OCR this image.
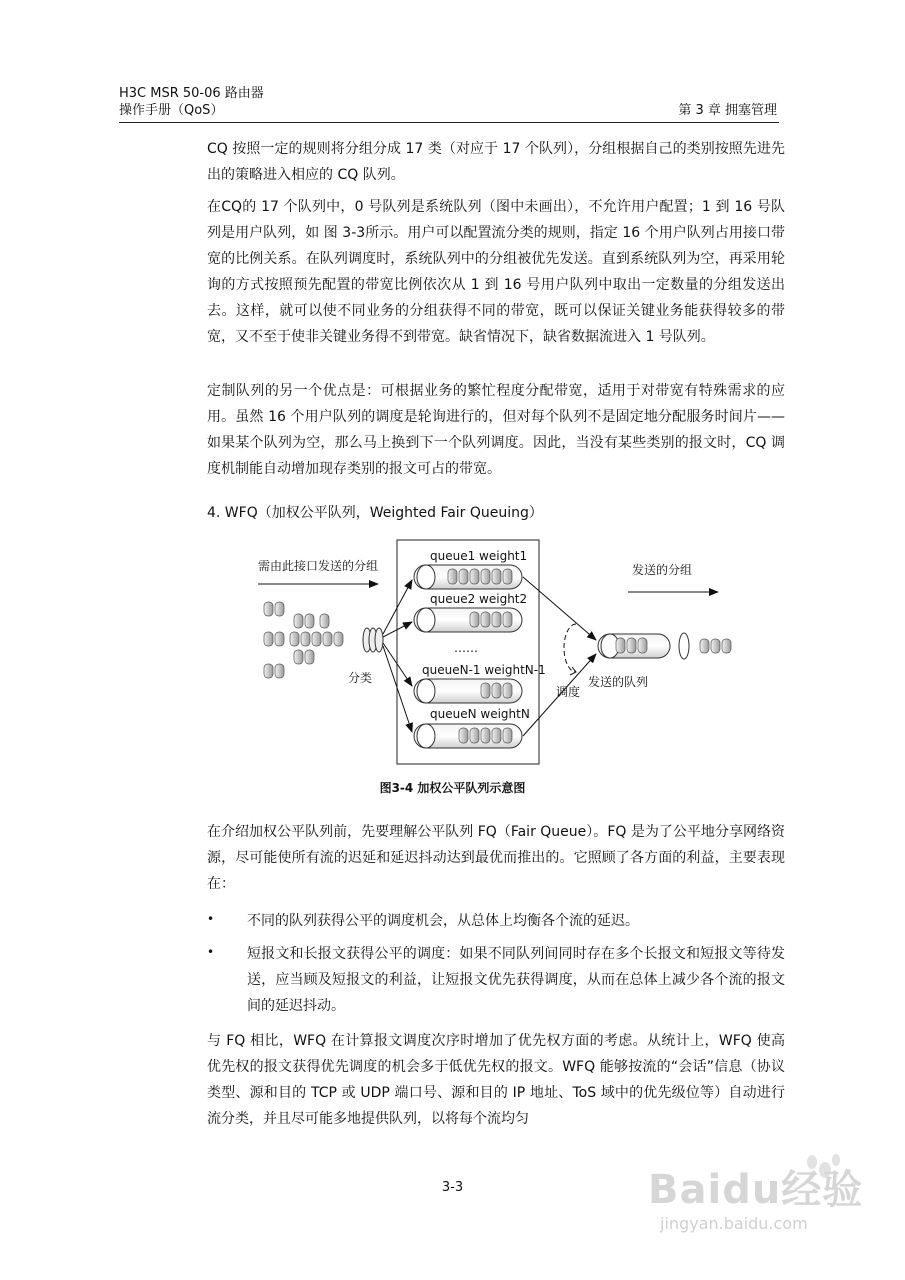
H3C MSR 50-06 路由器
操作手册（QoS）	第 3 章 拥塞管理

CQ 按照一定的规则将分组分成 17 类（对应于 17 个队列），分组根据自己的类别按照先进先出的策略进入相应的 CQ 队列。

在CQ的 17 个队列中，0 号队列是系统队列（图中未画出），不允许用户配置；1 到 16 号队列是用户队列，如 图 3-3所示。用户可以配置流分类的规则，指定 16 个用户队列占用接口带宽的比例关系。在队列调度时，系统队列中的分组被优先发送。直到系统队列为空，再采用轮询的方式按照预先配置的带宽比例依次从 1 到 16 号用户队列中取出一定数量的分组发送出去。这样，就可以使不同业务的分组获得不同的带宽，既可以保证关键业务能获得较多的带宽，又不至于使非关键业务得不到带宽。缺省情况下，缺省数据流进入 1 号队列。

定制队列的另一个优点是：可根据业务的繁忙程度分配带宽，适用于对带宽有特殊需求的应用。虽然 16 个用户队列的调度是轮询进行的，但对每个队列不是固定地分配服务时间片——如果某个队列为空，那么马上换到下一个队列调度。因此，当没有某些类别的报文时，CQ 调度机制能自动增加现存类别的报文可占的带宽。

4. WFQ（加权公平队列，Weighted Fair Queuing）
需由此接口发送的分组	发送的分组
分类
调度
发送的队列
queue1 weight1
queue2 weight2
……
queueN-1 weightN-1
queueN weightN
图3-4 加权公平队列示意图

在介绍加权公平队列前，先要理解公平队列 FQ（Fair Queue）。FQ 是为了公平地分享网络资源，尽可能使所有流的迟延和延迟抖动达到最优而推出的。它照顾了各方面的利益，主要表现在：

• 不同的队列获得公平的调度机会，从总体上均衡各个流的延迟。

• 短报文和长报文获得公平的调度：如果不同队列间同时存在多个长报文和短报文等待发送，应当顾及短报文的利益，让短报文优先获得调度，从而在总体上减少各个流的报文间的延迟抖动。

与 FQ 相比，WFQ 在计算报文调度次序时增加了优先权方面的考虑。从统计上，WFQ 使高优先权的报文获得优先调度的机会多于低优先权的报文。WFQ 能够按流的“会话”信息（协议类型、源和目的 TCP 或 UDP 端口号、源和目的 IP 地址、ToS 域中的优先级位等）自动进行流分类，并且尽可能多地提供队列，以将每个流均匀

3-3	Baidu经验
jingyan.baidu.com
